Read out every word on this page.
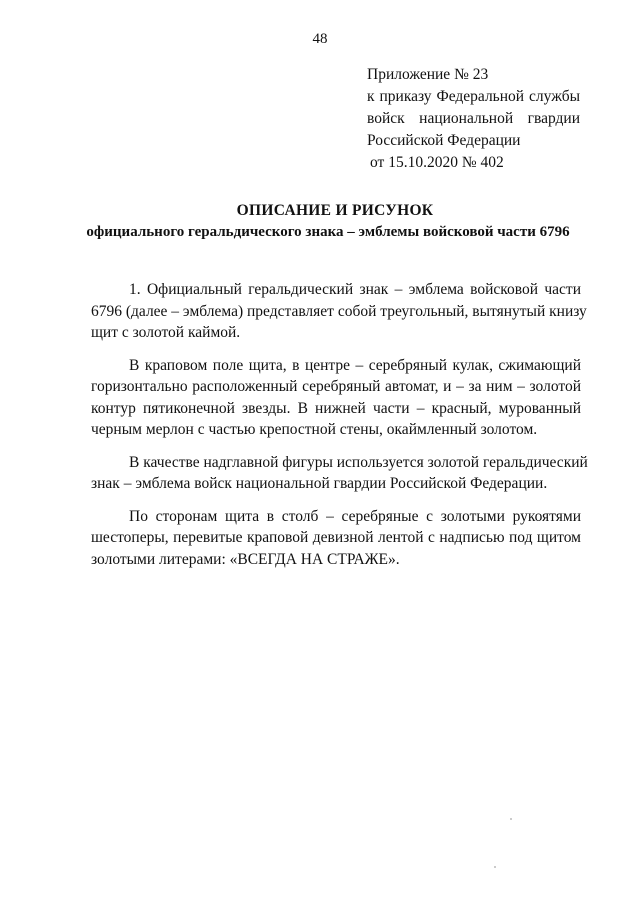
48
Приложение № 23
к приказу Федеральной службы
войск национальной гвардии
Российской Федерации
от 15.10.2020 № 402
ОПИСАНИЕ И РИСУНОК
официального геральдического знака – эмблемы войсковой части 6796

1. Официальный геральдический знак – эмблема войсковой части
6796 (далее – эмблема) представляет собой треугольный, вытянутый книзу
щит с золотой каймой.

В краповом поле щита, в центре – серебряный кулак, сжимающий
горизонтально расположенный серебряный автомат, и – за ним – золотой
контур пятиконечной звезды. В нижней части – красный, мурованный
черным мерлон с частью крепостной стены, окаймленный золотом.

В качестве надглавной фигуры используется золотой геральдический
знак – эмблема войск национальной гвардии Российской Федерации.

По сторонам щита в столб – серебряные с золотыми рукоятями
шестоперы, перевитые краповой девизной лентой с надписью под щитом
золотыми литерами: «ВСЕГДА НА СТРАЖЕ».
